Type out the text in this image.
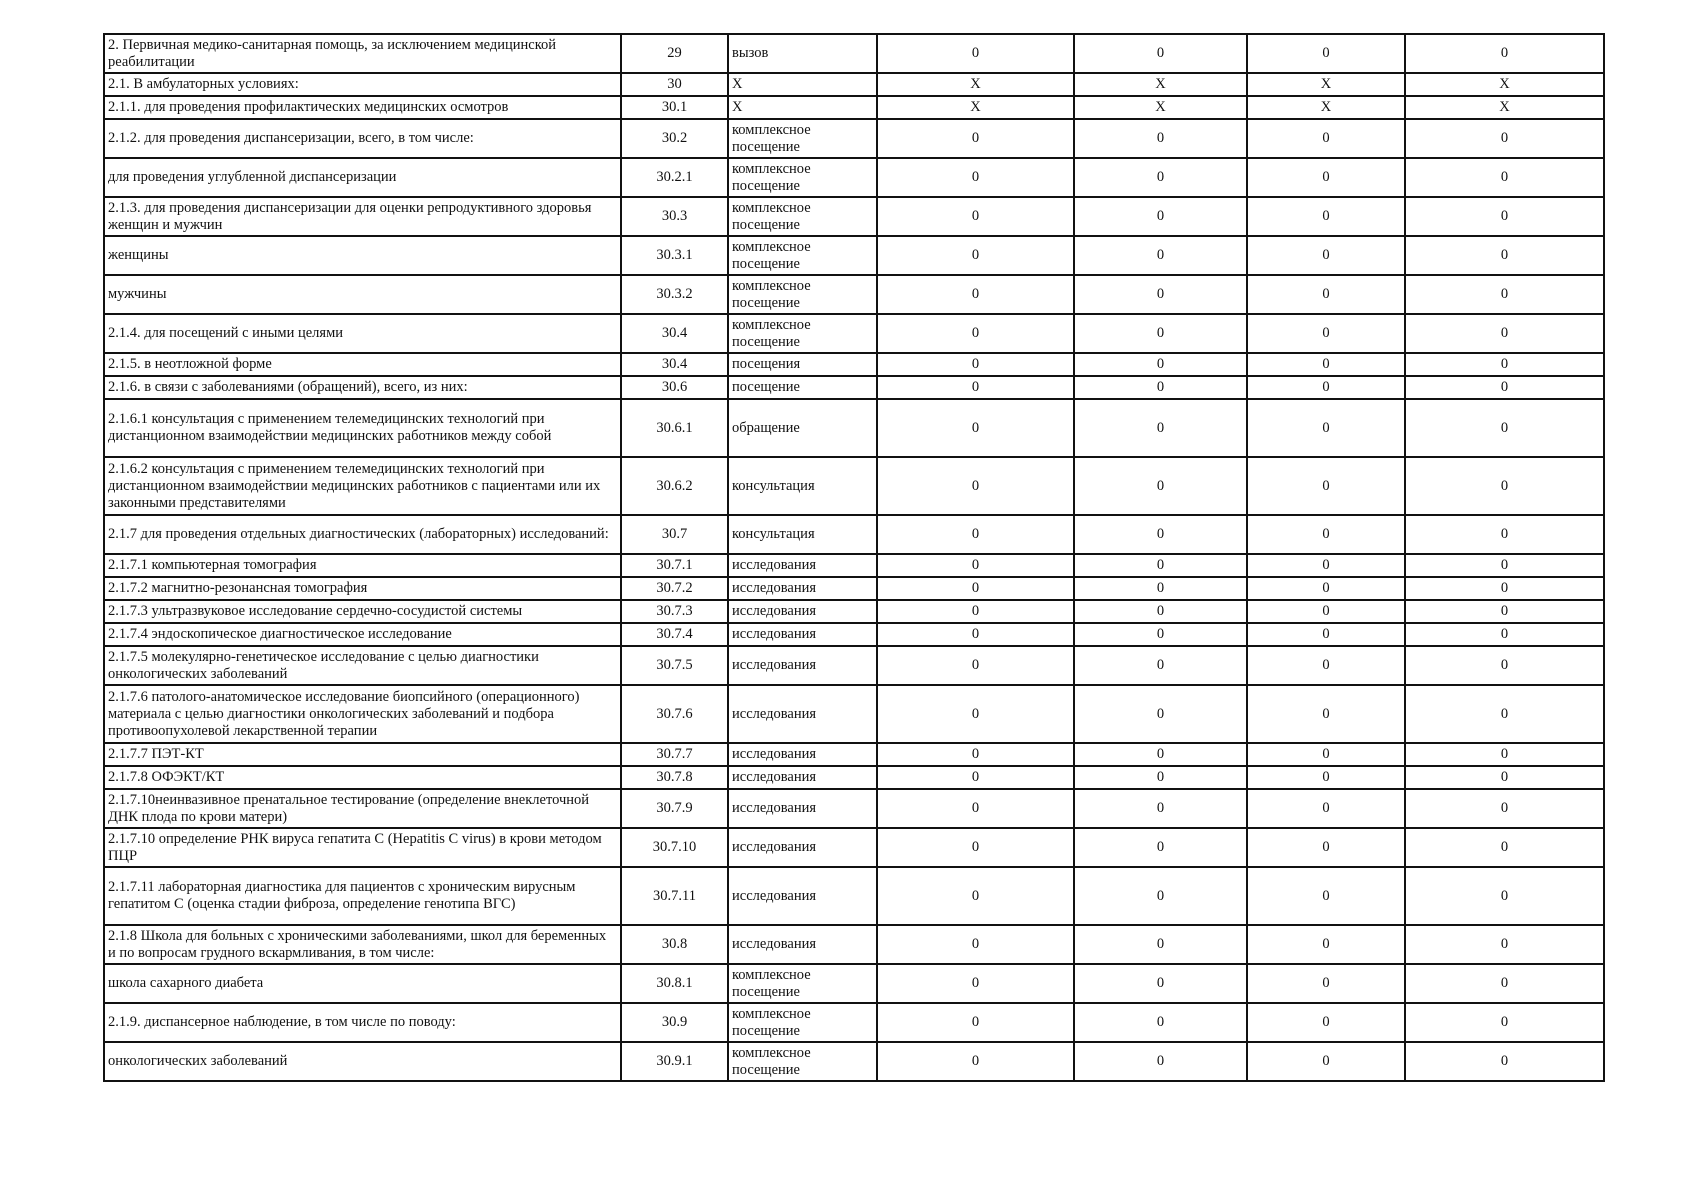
2. Первичная медико-санитарная помощь, за исключением медицинской реабилитации	29	вызов	0	0	0	0
2.1. В амбулаторных условиях:	30	X	X	X	X	X
2.1.1. для проведения профилактических медицинских осмотров	30.1	X	X	X	X	X
2.1.2. для проведения диспансеризации, всего, в том числе:	30.2	комплексное посещение	0	0	0	0
для проведения углубленной диспансеризации	30.2.1	комплексное посещение	0	0	0	0
2.1.3. для проведения диспансеризации для оценки репродуктивного здоровья женщин и мужчин	30.3	комплексное посещение	0	0	0	0
женщины	30.3.1	комплексное посещение	0	0	0	0
мужчины	30.3.2	комплексное посещение	0	0	0	0
2.1.4. для посещений с иными целями	30.4	комплексное посещение	0	0	0	0
2.1.5. в неотложной форме	30.4	посещения	0	0	0	0
2.1.6. в связи с заболеваниями (обращений), всего, из них:	30.6	посещение	0	0	0	0
2.1.6.1 консультация с применением телемедицинских технологий при дистанционном взаимодействии медицинских работников между собой	30.6.1	обращение	0	0	0	0
2.1.6.2 консультация с применением телемедицинских технологий при дистанционном взаимодействии медицинских работников с пациентами или их законными представителями	30.6.2	консультация	0	0	0	0
2.1.7 для проведения отдельных диагностических (лабораторных) исследований:	30.7	консультация	0	0	0	0
2.1.7.1 компьютерная томография	30.7.1	исследования	0	0	0	0
2.1.7.2 магнитно-резонансная томография	30.7.2	исследования	0	0	0	0
2.1.7.3 ультразвуковое исследование сердечно-сосудистой системы	30.7.3	исследования	0	0	0	0
2.1.7.4 эндоскопическое диагностическое исследование	30.7.4	исследования	0	0	0	0
2.1.7.5 молекулярно-генетическое исследование с целью диагностики онкологических заболеваний	30.7.5	исследования	0	0	0	0
2.1.7.6 патолого-анатомическое исследование биопсийного (операционного) материала с целью диагностики онкологических заболеваний и подбора противоопухолевой лекарственной терапии	30.7.6	исследования	0	0	0	0
2.1.7.7 ПЭТ-КТ	30.7.7	исследования	0	0	0	0
2.1.7.8 ОФЭКТ/КТ	30.7.8	исследования	0	0	0	0
2.1.7.10неинвазивное пренатальное тестирование (определение внеклеточной ДНК плода по крови матери)	30.7.9	исследования	0	0	0	0
2.1.7.10 определение РНК вируса гепатита С (Hepatitis C virus) в крови методом ПЦР	30.7.10	исследования	0	0	0	0
2.1.7.11 лабораторная диагностика для пациентов с хроническим вирусным гепатитом С (оценка стадии фиброза, определение генотипа ВГС)	30.7.11	исследования	0	0	0	0
2.1.8 Школа для больных с хроническими заболеваниями, школ для беременных и по вопросам грудного вскармливания, в том числе:	30.8	исследования	0	0	0	0
школа сахарного диабета	30.8.1	комплексное посещение	0	0	0	0
2.1.9. диспансерное наблюдение, в том числе по поводу:	30.9	комплексное посещение	0	0	0	0
онкологических заболеваний	30.9.1	комплексное посещение	0	0	0	0
